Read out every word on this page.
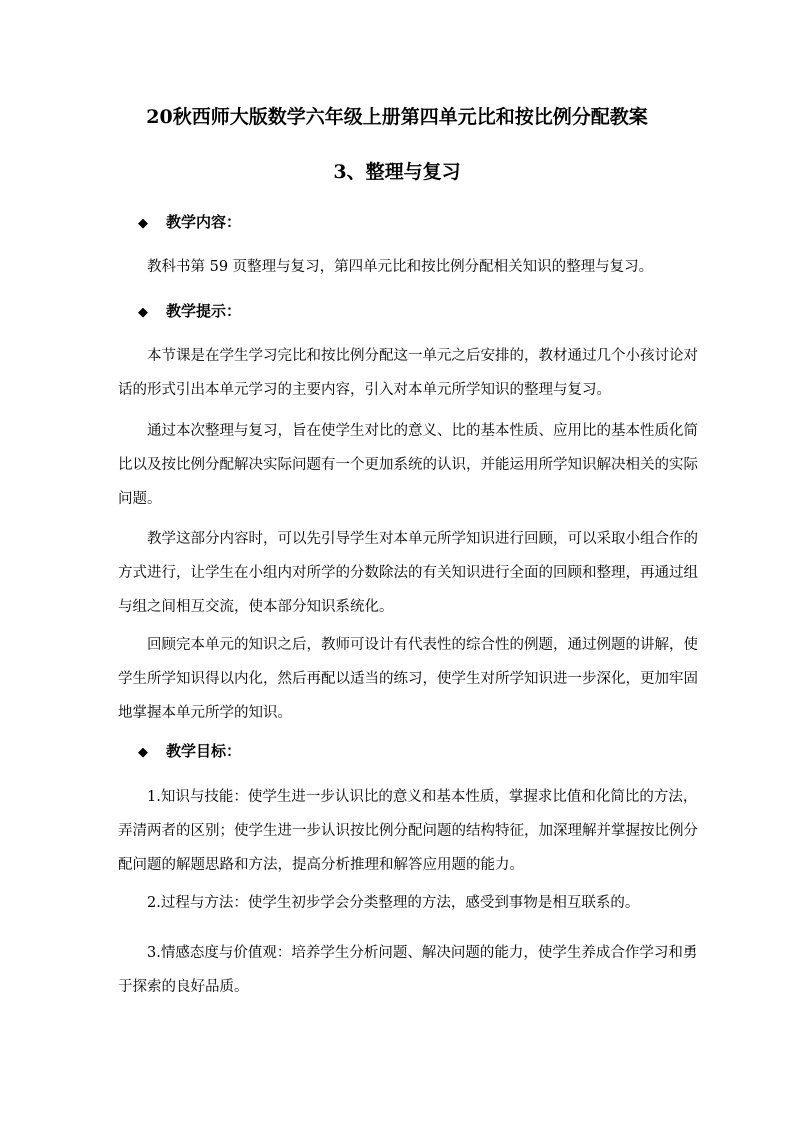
20秋西师大版数学六年级上册第四单元比和按比例分配教案
3、整理与复习
◆ 教学内容：

教科书第 59 页整理与复习，第四单元比和按比例分配相关知识的整理与复习。

◆ 教学提示：

本节课是在学生学习完比和按比例分配这一单元之后安排的，教材通过几个小孩讨论对
话的形式引出本单元学习的主要内容，引入对本单元所学知识的整理与复习。

通过本次整理与复习，旨在使学生对比的意义、比的基本性质、应用比的基本性质化简
比以及按比例分配解决实际问题有一个更加系统的认识，并能运用所学知识解决相关的实际
问题。

教学这部分内容时，可以先引导学生对本单元所学知识进行回顾，可以采取小组合作的
方式进行，让学生在小组内对所学的分数除法的有关知识进行全面的回顾和整理，再通过组
与组之间相互交流，使本部分知识系统化。

回顾完本单元的知识之后，教师可设计有代表性的综合性的例题，通过例题的讲解，使
学生所学知识得以内化，然后再配以适当的练习，使学生对所学知识进一步深化，更加牢固
地掌握本单元所学的知识。

◆ 教学目标：

1.知识与技能：使学生进一步认识比的意义和基本性质，掌握求比值和化简比的方法，
弄清两者的区别；使学生进一步认识按比例分配问题的结构特征，加深理解并掌握按比例分
配问题的解题思路和方法，提高分析推理和解答应用题的能力。

2.过程与方法：使学生初步学会分类整理的方法，感受到事物是相互联系的。

3.情感态度与价值观：培养学生分析问题、解决问题的能力，使学生养成合作学习和勇
于探索的良好品质。
